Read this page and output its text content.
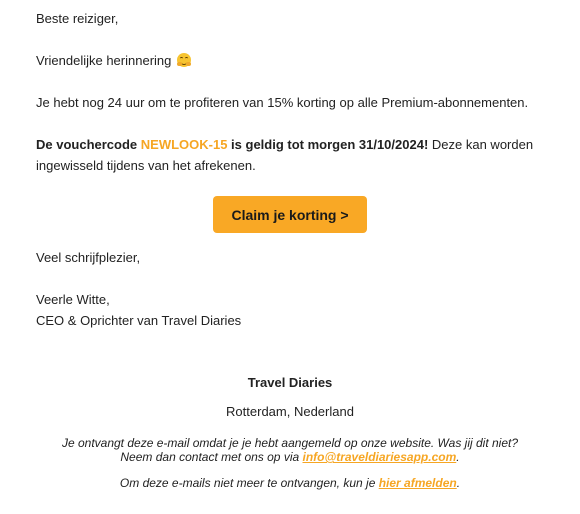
Beste reiziger,

Vriendelijke herinnering

Je hebt nog 24 uur om te profiteren van 15% korting op alle Premium-abonnementen.

De vouchercode NEWLOOK-15 is geldig tot morgen 31/10/2024! Deze kan worden ingewisseld tijdens van het afrekenen.

Claim je korting >

Veel schrijfplezier,

Veerle Witte,

CEO & Oprichter van Travel Diaries

Travel Diaries
Rotterdam, Nederland
Je ontvangt deze e-mail omdat je je hebt aangemeld op onze website. Was jij dit niet?
Neem dan contact met ons op via info@traveldiariesapp.com.
Om deze e-mails niet meer te ontvangen, kun je hier afmelden.
